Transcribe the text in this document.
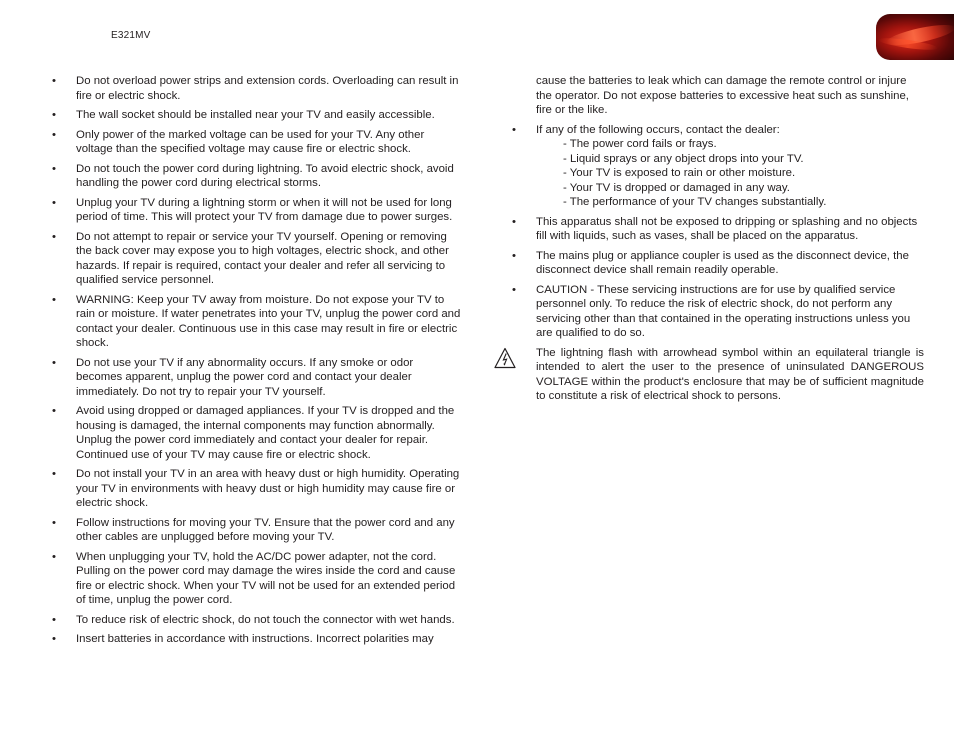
E321MV
• Do not overload power strips and extension cords. Overloading can result in fire or electric shock.
• The wall socket should be installed near your TV and easily accessible.
• Only power of the marked voltage can be used for your TV. Any other voltage than the specified voltage may cause fire or electric shock.
• Do not touch the power cord during lightning. To avoid electric shock, avoid handling the power cord during electrical storms.
• Unplug your TV during a lightning storm or when it will not be used for long period of time. This will protect your TV from damage due to power surges.
• Do not attempt to repair or service your TV yourself. Opening or removing the back cover may expose you to high voltages, electric shock, and other hazards. If repair is required, contact your dealer and refer all servicing to qualified service personnel.
• WARNING: Keep your TV away from moisture. Do not expose your TV to rain or moisture. If water penetrates into your TV, unplug the power cord and contact your dealer. Continuous use in this case may result in fire or electric shock.
• Do not use your TV if any abnormality occurs. If any smoke or odor becomes apparent, unplug the power cord and contact your dealer immediately. Do not try to repair your TV yourself.
• Avoid using dropped or damaged appliances. If your TV is dropped and the housing is damaged, the internal components may function abnormally. Unplug the power cord immediately and contact your dealer for repair. Continued use of your TV may cause fire or electric shock.
• Do not install your TV in an area with heavy dust or high humidity. Operating your TV in environments with heavy dust or high humidity may cause fire or electric shock.
• Follow instructions for moving your TV. Ensure that the power cord and any other cables are unplugged before moving your TV.
• When unplugging your TV, hold the AC/DC power adapter, not the cord. Pulling on the power cord may damage the wires inside the cord and cause fire or electric shock. When your TV will not be used for an extended period of time, unplug the power cord.
• To reduce risk of electric shock, do not touch the connector with wet hands.
• Insert batteries in accordance with instructions. Incorrect polarities may
cause the batteries to leak which can damage the remote control or injure the operator. Do not expose batteries to excessive heat such as sunshine, fire or the like.
• If any of the following occurs, contact the dealer:
- The power cord fails or frays.
- Liquid sprays or any object drops into your TV.
- Your TV is exposed to rain or other moisture.
- Your TV is dropped or damaged in any way.
- The performance of your TV changes substantially.
• This apparatus shall not be exposed to dripping or splashing and no objects fill with liquids, such as vases, shall be placed on the apparatus.
• The mains plug or appliance coupler is used as the disconnect device, the disconnect device shall remain readily operable.
• CAUTION - These servicing instructions are for use by qualified service personnel only. To reduce the risk of electric shock, do not perform any servicing other than that contained in the operating instructions unless you are qualified to do so.
The lightning flash with arrowhead symbol within an equilateral triangle is intended to alert the user to the presence of uninsulated DANGEROUS VOLTAGE within the product's enclosure that may be of sufficient magnitude to constitute a risk of electrical shock to persons.
